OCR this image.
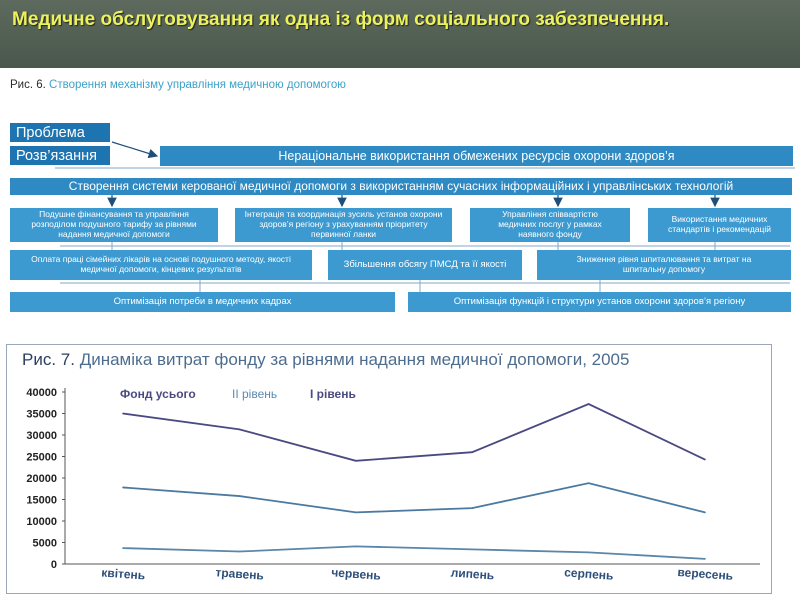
Медичне обслуговування як одна із форм соціального забезпечення.
Рис. 6. Створення механізму управління медичною допомогою
Проблема
Розв’язання	Нераціональне використання обмежених ресурсів охорони здоров’я
Створення системи керованої медичної допомоги з використанням сучасних інформаційних і управлінських технологій
Подушне фінансування та управління розподілом подушного тарифу за рівнями надання медичної допомоги
Інтеграція та координація зусиль установ охорони здоров’я регіону з урахуванням пріоритету первинної ланки
Управління співвартістю медичних послуг у рамках наявного фонду
Використання медичних стандартів і рекомендацій
Оплата праці сімейних лікарів на основі подушного методу, якості медичної допомоги, кінцевих результатів	Збільшення обсягу ПМСД та її якості	Зниження рівня шпиталювання та витрат на шпитальну допомогу
Оптимізація потреби в медичних кадрах	Оптимізація функцій і структури установ охорони здоров’я регіону
Рис. 7. Динаміка витрат фонду за рівнями надання медичної допомоги, 2005
Фонд усього	ІІ рівень	І рівень
0
5000
10000
15000
20000
25000
30000
35000
40000
квітень	травень	червень	липень	серпень	вересень
